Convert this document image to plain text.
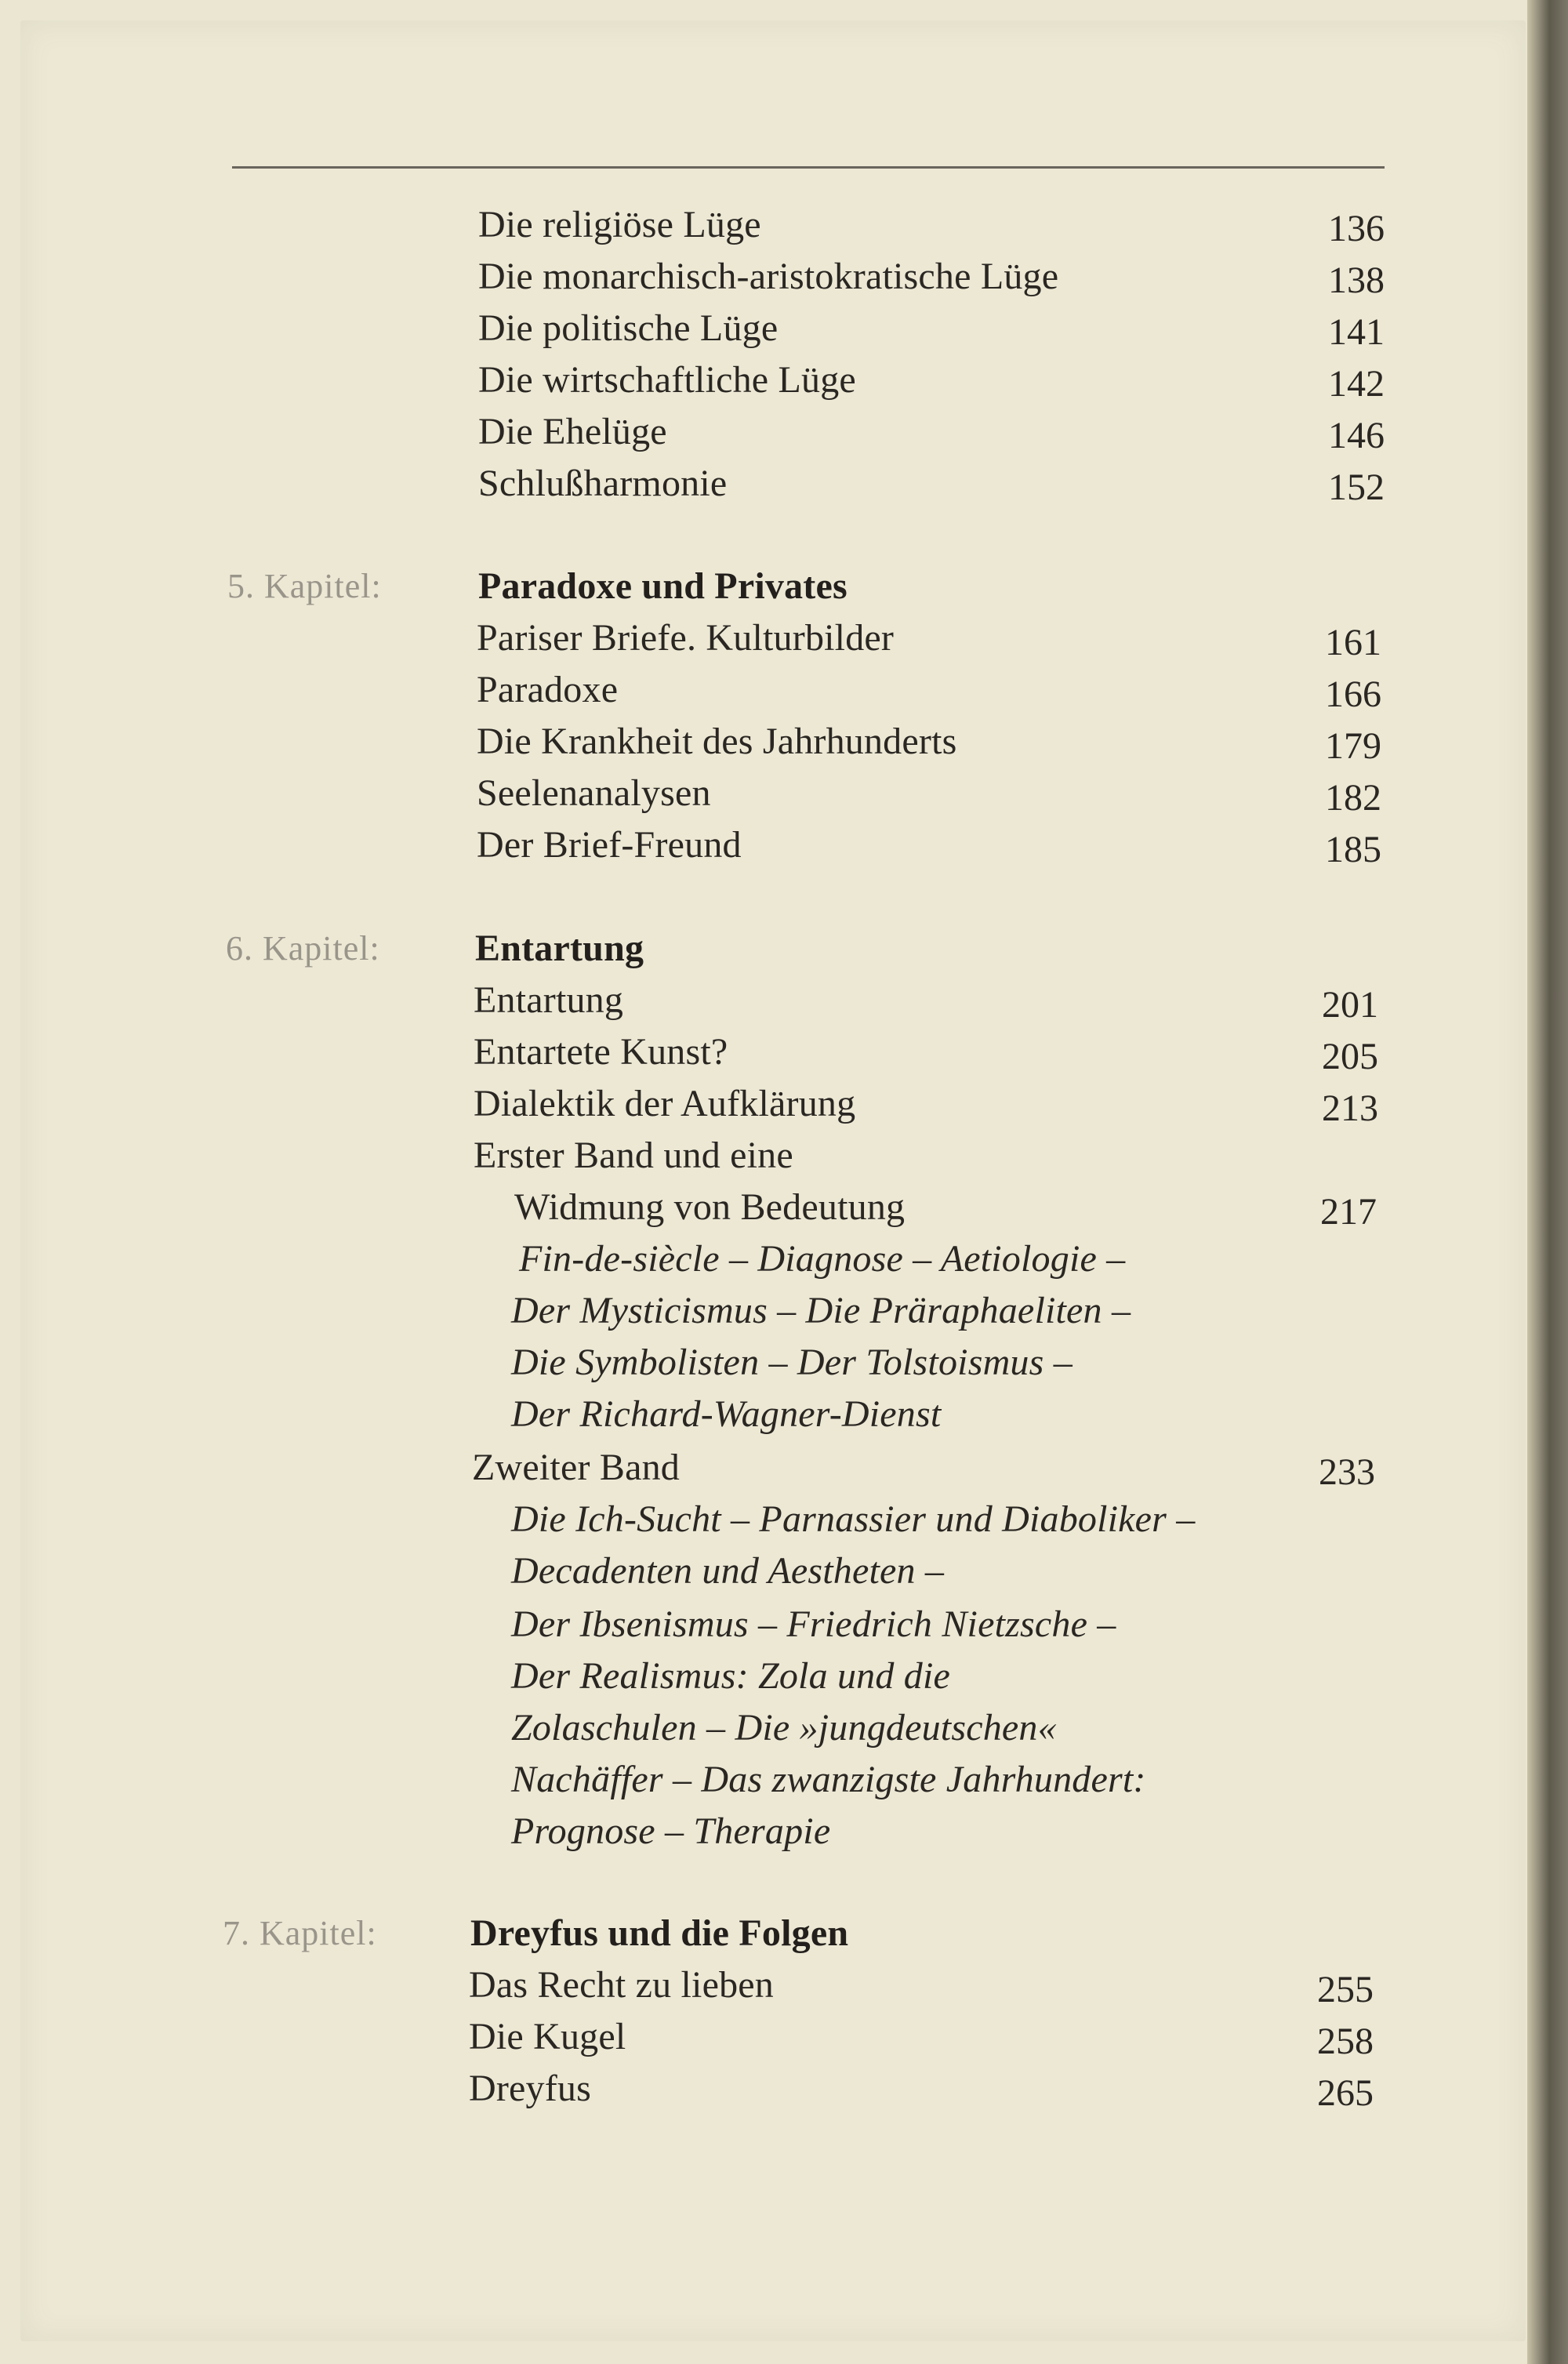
Die religiöse Lüge	136
Die monarchisch-aristokratische Lüge	138
Die politische Lüge	141
Die wirtschaftliche Lüge	142
Die Ehelüge	146
Schlußharmonie	152
5. Kapitel:	Paradoxe und Privates
Pariser Briefe. Kulturbilder	161
Paradoxe	166
Die Krankheit des Jahrhunderts	179
Seelenanalysen	182
Der Brief-Freund	185
6. Kapitel:	Entartung
Entartung	201
Entartete Kunst?	205
Dialektik der Aufklärung	213
Erster Band und eine
Widmung von Bedeutung	217
Fin-de-siècle – Diagnose – Aetiologie –
Der Mysticismus – Die Präraphaeliten –
Die Symbolisten – Der Tolstoismus –
Der Richard-Wagner-Dienst
Zweiter Band	233
Die Ich-Sucht – Parnassier und Diaboliker –
Decadenten und Aestheten –
Der Ibsenismus – Friedrich Nietzsche –
Der Realismus: Zola und die
Zolaschulen – Die »jungdeutschen«
Nachäffer – Das zwanzigste Jahrhundert:
Prognose – Therapie
7. Kapitel: Dreyfus und die Folgen
Das Recht zu lieben	255
Die Kugel	258
Dreyfus	265
